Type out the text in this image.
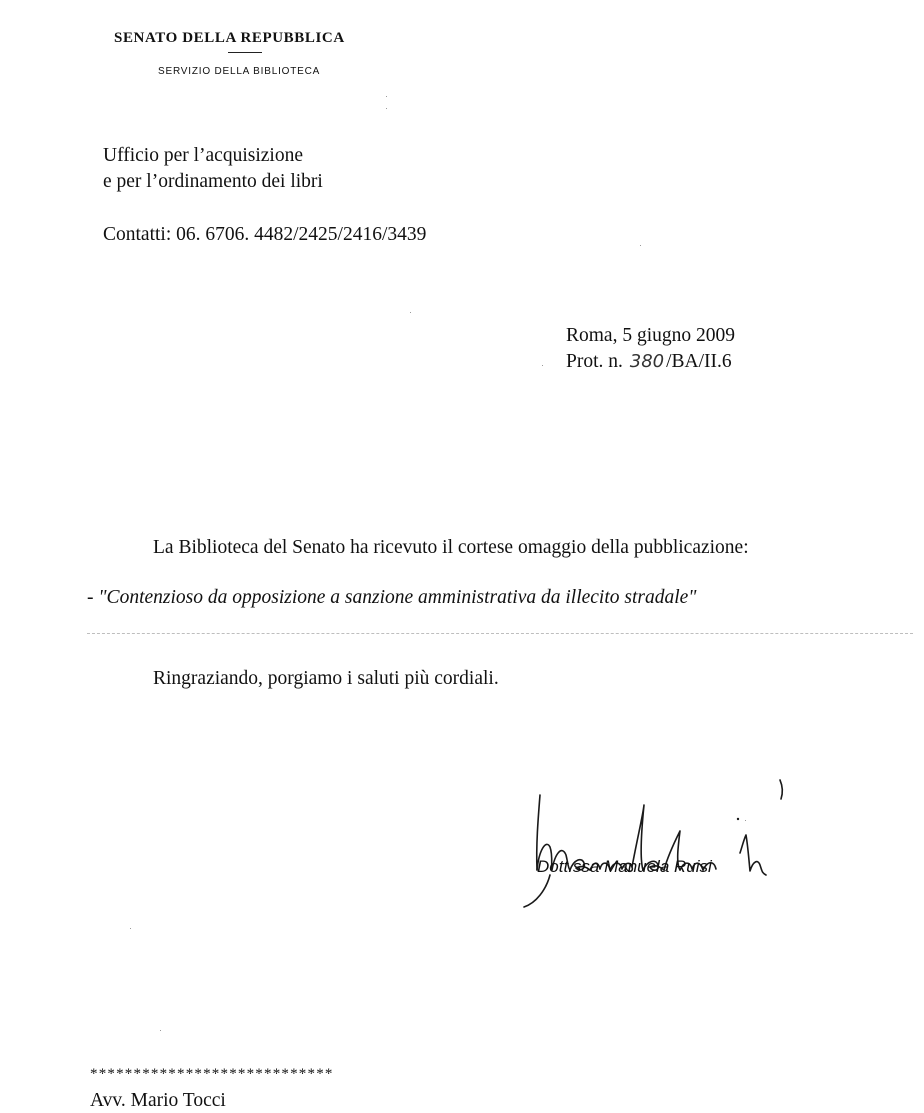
SENATO DELLA REPUBBLICA
SERVIZIO DELLA BIBLIOTECA
Ufficio per l’acquisizione
e per l’ordinamento dei libri
Contatti: 06. 6706. 4482/2425/2416/3439
Roma, 5 giugno 2009
Prot. n. 380 /BA/II.6
La Biblioteca del Senato ha ricevuto il cortese omaggio della pubblicazione:
- "Contenzioso da opposizione a sanzione amministrativa da illecito stradale"
Ringraziando, porgiamo i saluti più cordiali.
Dott.ssa Manuela Ruisi
****************************
Avv. Mario Tocci
